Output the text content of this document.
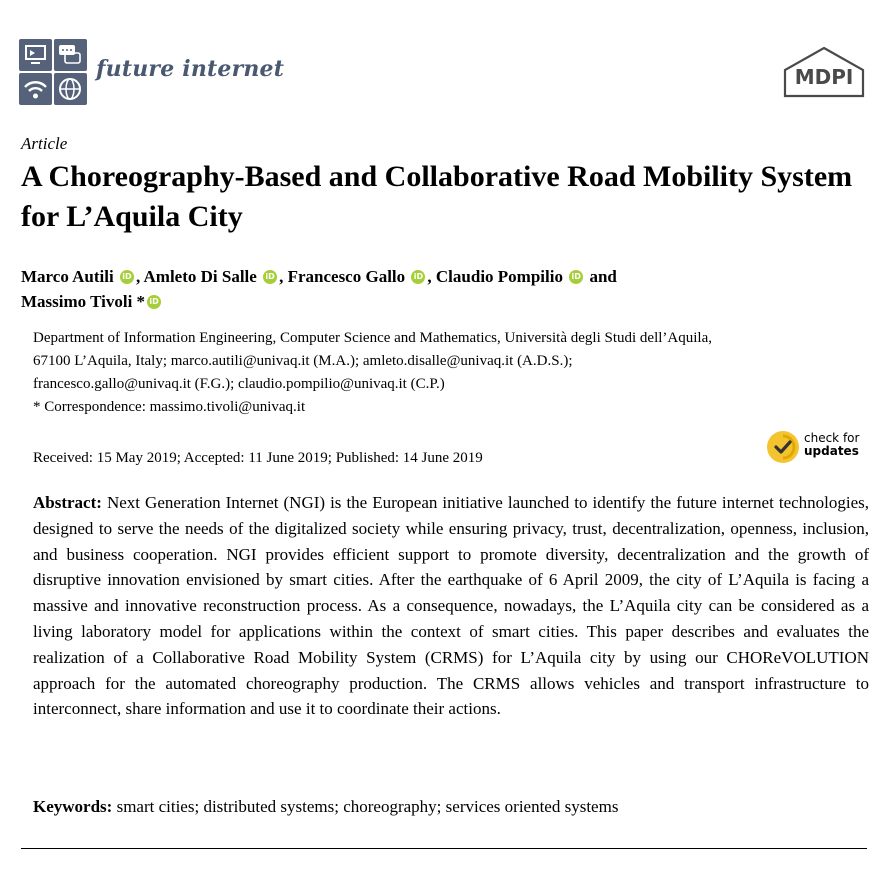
future internet	MDPI
Article
A Choreography-Based and Collaborative Road Mobility System for L’Aquila City
Marco Autili iD , Amleto Di Salle iD , Francesco Gallo iD , Claudio Pompilio iD and
Massimo Tivoli * iD

Department of Information Engineering, Computer Science and Mathematics, Università degli Studi dell’Aquila,

67100 L’Aquila, Italy; marco.autili@univaq.it (M.A.); amleto.disalle@univaq.it (A.D.S.);

francesco.gallo@univaq.it (F.G.); claudio.pompilio@univaq.it (C.P.)

* Correspondence: massimo.tivoli@univaq.it

Received: 15 May 2019; Accepted: 11 June 2019; Published: 14 June 2019
check for
updates

Abstract: Next Generation Internet (NGI) is the European initiative launched to identify the future internet technologies, designed to serve the needs of the digitalized society while ensuring privacy, trust, decentralization, openness, inclusion, and business cooperation. NGI provides efficient support to promote diversity, decentralization and the growth of disruptive innovation envisioned by smart cities. After the earthquake of 6 April 2009, the city of L’Aquila is facing a massive and innovative reconstruction process. As a consequence, nowadays, the L’Aquila city can be considered as a living laboratory model for applications within the context of smart cities. This paper describes and evaluates the realization of a Collaborative Road Mobility System (CRMS) for L’Aquila city by using our CHOReVOLUTION approach for the automated choreography production. The CRMS allows vehicles and transport infrastructure to interconnect, share information and use it to coordinate their actions.

Keywords: smart cities; distributed systems; choreography; services oriented systems
